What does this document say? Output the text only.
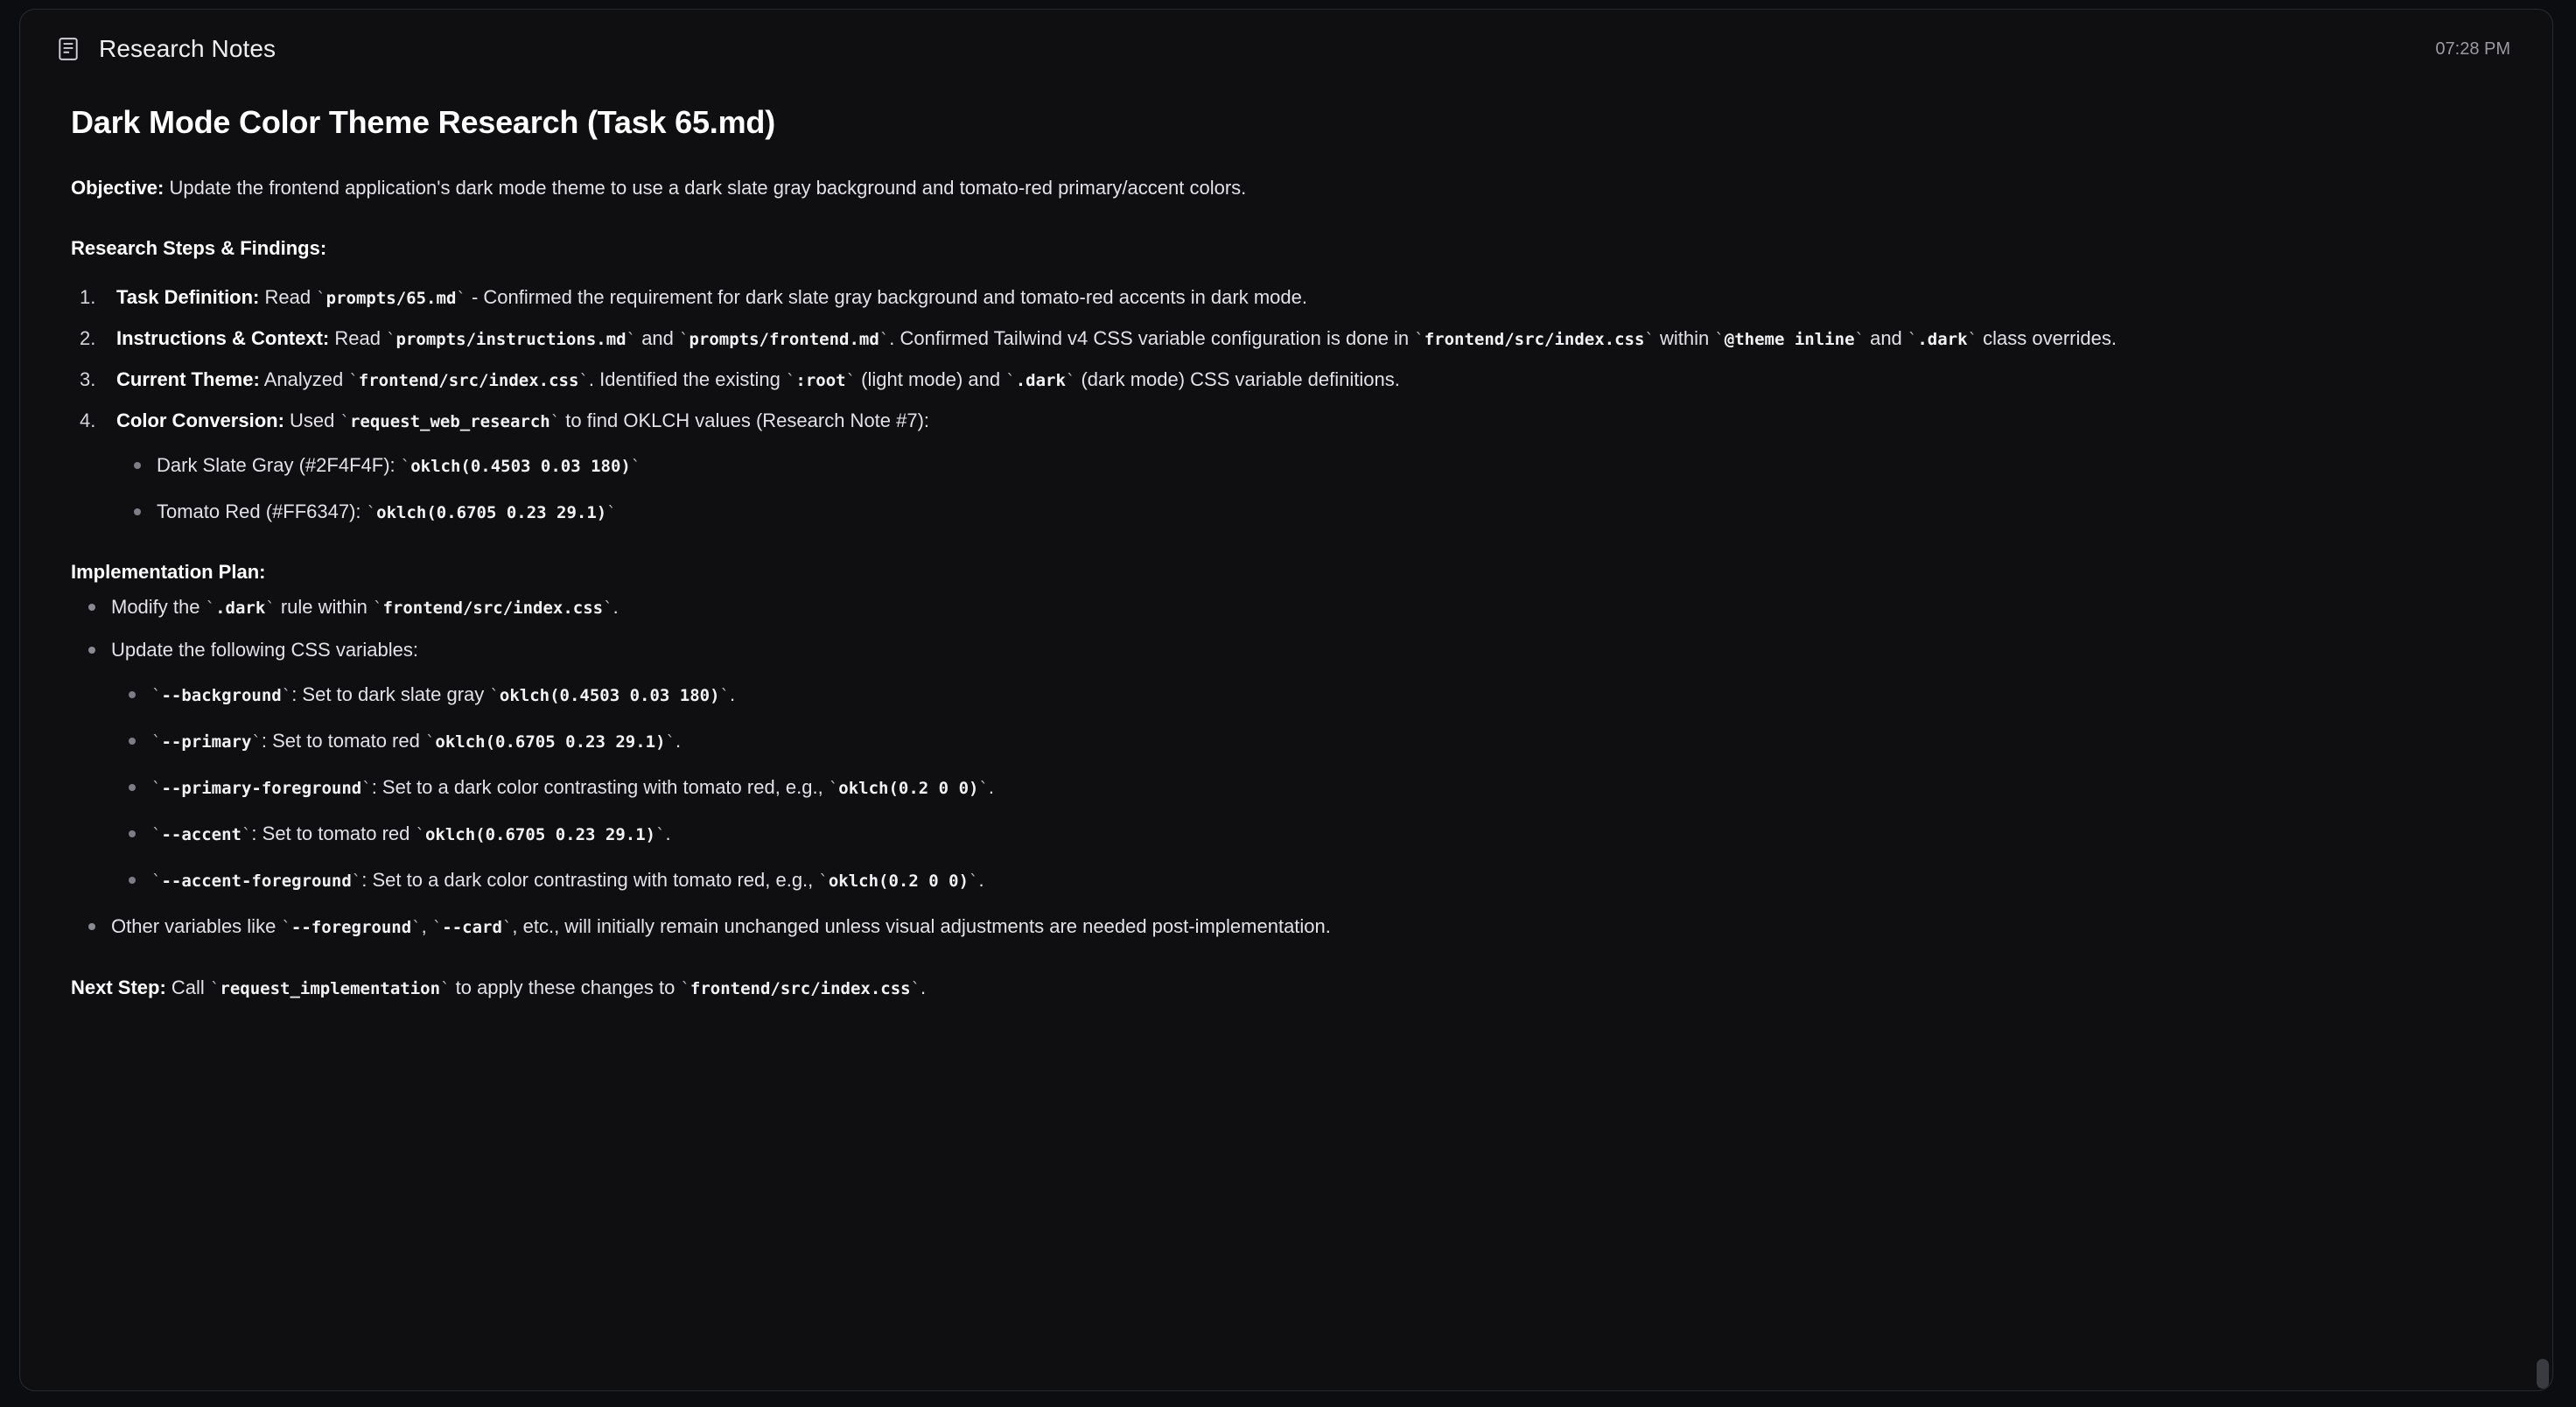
Research Notes	07:28 PM
Dark Mode Color Theme Research (Task 65.md)

Objective: Update the frontend application's dark mode theme to use a dark slate gray background and tomato-red primary/accent colors.

Research Steps & Findings:

Task Definition: Read `prompts/65.md` - Confirmed the requirement for dark slate gray background and tomato-red accents in dark mode.
Instructions & Context: Read `prompts/instructions.md` and `prompts/frontend.md`. Confirmed Tailwind v4 CSS variable configuration is done in `frontend/src/index.css` within `@theme inline` and `.dark` class overrides.
Current Theme: Analyzed `frontend/src/index.css`. Identified the existing `:root` (light mode) and `.dark` (dark mode) CSS variable definitions.
Color Conversion: Used `request_web_research` to find OKLCH values (Research Note #7):
Dark Slate Gray (#2F4F4F): `oklch(0.4503 0.03 180)`
Tomato Red (#FF6347): `oklch(0.6705 0.23 29.1)`

Implementation Plan:

Modify the `.dark` rule within `frontend/src/index.css`.
Update the following CSS variables:
`--background`: Set to dark slate gray `oklch(0.4503 0.03 180)`.
`--primary`: Set to tomato red `oklch(0.6705 0.23 29.1)`.
`--primary-foreground`: Set to a dark color contrasting with tomato red, e.g., `oklch(0.2 0 0)`.
`--accent`: Set to tomato red `oklch(0.6705 0.23 29.1)`.
`--accent-foreground`: Set to a dark color contrasting with tomato red, e.g., `oklch(0.2 0 0)`.
Other variables like `--foreground`, `--card`, etc., will initially remain unchanged unless visual adjustments are needed post-implementation.

Next Step: Call `request_implementation` to apply these changes to `frontend/src/index.css`.
